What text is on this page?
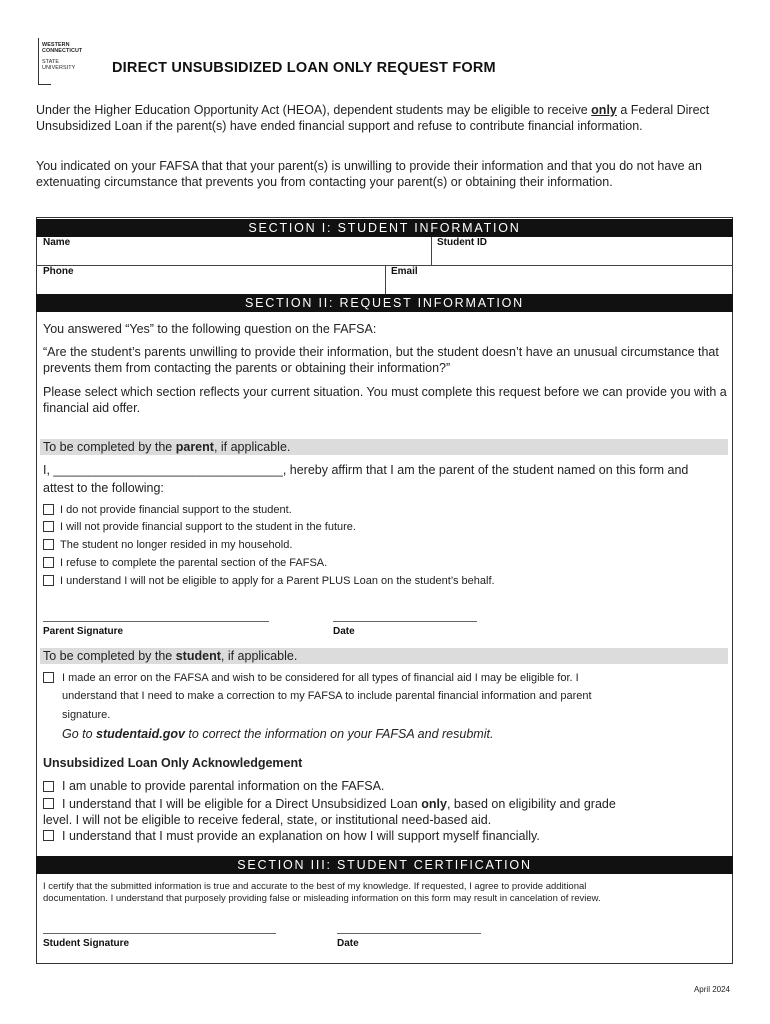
WESTERN
CONNECTICUT
STATE
UNIVERSITY	DIRECT UNSUBSIDIZED LOAN ONLY REQUEST FORM
Under the Higher Education Opportunity Act (HEOA), dependent students may be eligible to receive only a Federal Direct Unsubsidized Loan if the parent(s) have ended financial support and refuse to contribute financial information.
You indicated on your FAFSA that that your parent(s) is unwilling to provide their information and that you do not have an extenuating circumstance that prevents you from contacting your parent(s) or obtaining their information.
SECTION I: STUDENT INFORMATION
Name	Student ID
Phone	Email
SECTION II: REQUEST INFORMATION
You answered “Yes” to the following question on the FAFSA:
“Are the student’s parents unwilling to provide their information, but the student doesn’t have an unusual circumstance that prevents them from contacting the parents or obtaining their information?”
Please select which section reflects your current situation. You must complete this request before we can provide you with a financial aid offer.
To be completed by the parent, if applicable.
I, _________________________________, hereby affirm that I am the parent of the student named on this form and
attest to the following:
I do not provide financial support to the student.
I will not provide financial support to the student in the future.
The student no longer resided in my household.
I refuse to complete the parental section of the FAFSA.
I understand I will not be eligible to apply for a Parent PLUS Loan on the student’s behalf.
Parent Signature	Date
To be completed by the student, if applicable.
I made an error on the FAFSA and wish to be considered for all types of financial aid I may be eligible for. I
understand that I need to make a correction to my FAFSA to include parental financial information and parent
signature.
Go to studentaid.gov to correct the information on your FAFSA and resubmit.
Unsubsidized Loan Only Acknowledgement
I am unable to provide parental information on the FAFSA.
I understand that I will be eligible for a Direct Unsubsidized Loan only, based on eligibility and grade
level. I will not be eligible to receive federal, state, or institutional need-based aid.
I understand that I must provide an explanation on how I will support myself financially.
SECTION III: STUDENT CERTIFICATION
I certify that the submitted information is true and accurate to the best of my knowledge. If requested, I agree to provide additional
documentation. I understand that purposely providing false or misleading information on this form may result in cancelation of review.
Student Signature	Date
April 2024
